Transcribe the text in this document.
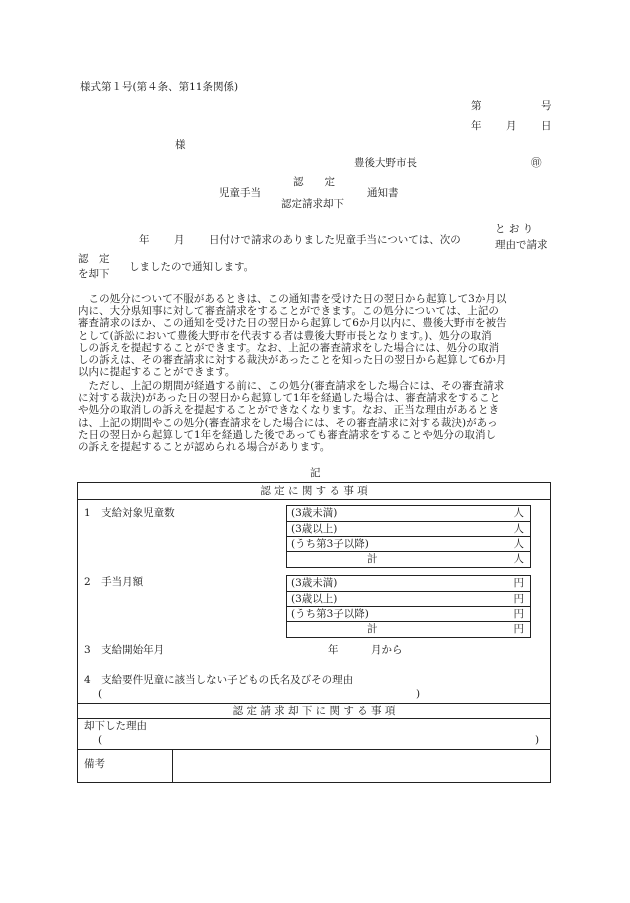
様式第１号(第４条、第11条関係)
第	号
年 月 日
様
豊後大野市長	㊞
認　　定
児童手当	通知書
認定請求却下
年 月 日付けで請求のありました児童手当については、次の
と お り
理由で請求
認　定
を却下
しましたので通知します。
　この処分について不服があるときは、この通知書を受けた日の翌日から起算して3か月以
内に、大分県知事に対して審査請求をすることができます。この処分については、上記の
審査請求のほか、この通知を受けた日の翌日から起算して6か月以内に、豊後大野市を被告
として(訴訟において豊後大野市を代表する者は豊後大野市長となります。)、処分の取消
しの訴えを提起することができます。なお、上記の審査請求をした場合には、処分の取消
しの訴えは、その審査請求に対する裁決があったことを知った日の翌日から起算して6か月
以内に提起することができます。
　ただし、上記の期間が経過する前に、この処分(審査請求をした場合には、その審査請求
に対する裁決)があった日の翌日から起算して1年を経過した場合は、審査請求をすること
や処分の取消しの訴えを提起することができなくなります。なお、正当な理由があるとき
は、上記の期間やこの処分(審査請求をした場合には、その審査請求に対する裁決)があっ
た日の翌日から起算して1年を経過した後であっても審査請求をすることや処分の取消し
の訴えを提起することが認められる場合があります。
記
認 定 に 関 す る 事 項
1　支給対象児童数	(3歳未満)	人
(3歳以上)	人
(うち第3子以降)	人
計	人
2　手当月額	(3歳未満)	円
(3歳以上)	円
(うち第3子以降)	円
計	円
3　支給開始年月	年	月から
4　支給要件児童に該当しない子どもの氏名及びその理由
(	)
認 定 請 求 却 下 に 関 す る 事 項
却下した理由
(	)
備考
